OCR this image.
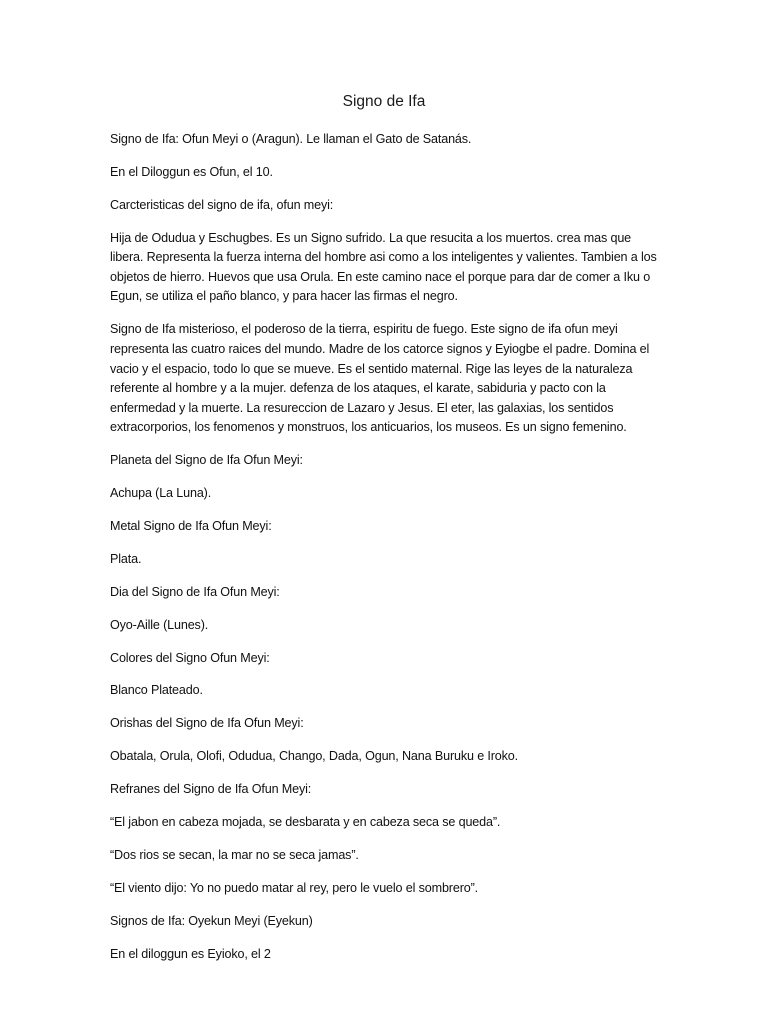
Signo de Ifa

Signo de Ifa: Ofun Meyi o (Aragun). Le llaman el Gato de Satanás.

En el Diloggun es Ofun, el 10.

Carcteristicas del signo de ifa, ofun meyi:

Hija de Odudua y Eschugbes. Es un Signo sufrido. La que resucita a los muertos. crea mas que libera. Representa la fuerza interna del hombre asi como a los inteligentes y valientes. Tambien a los objetos de hierro. Huevos que usa Orula. En este camino nace el porque para dar de comer a Iku o Egun, se utiliza el paño blanco, y para hacer las firmas el negro.

Signo de Ifa misterioso, el poderoso de la tierra, espiritu de fuego. Este signo de ifa ofun meyi representa las cuatro raices del mundo. Madre de los catorce signos y Eyiogbe el padre. Domina el vacio y el espacio, todo lo que se mueve. Es el sentido maternal. Rige las leyes de la naturaleza referente al hombre y a la mujer. defenza de los ataques, el karate, sabiduria y pacto con la enfermedad y la muerte. La resureccion de Lazaro y Jesus. El eter, las galaxias, los sentidos extracorporios, los fenomenos y monstruos, los anticuarios, los museos. Es un signo femenino.

Planeta del Signo de Ifa Ofun Meyi:

Achupa (La Luna).

Metal Signo de Ifa Ofun Meyi:

Plata.

Dia del Signo de Ifa Ofun Meyi:

Oyo-Aille (Lunes).

Colores del Signo Ofun Meyi:

Blanco Plateado.

Orishas del Signo de Ifa Ofun Meyi:

Obatala, Orula, Olofi, Odudua, Chango, Dada, Ogun, Nana Buruku e Iroko.

Refranes del Signo de Ifa Ofun Meyi:

“El jabon en cabeza mojada, se desbarata y en cabeza seca se queda”.

“Dos rios se secan, la mar no se seca jamas”.

“El viento dijo: Yo no puedo matar al rey, pero le vuelo el sombrero”.

Signos de Ifa: Oyekun Meyi (Eyekun)

En el diloggun es Eyioko, el 2
